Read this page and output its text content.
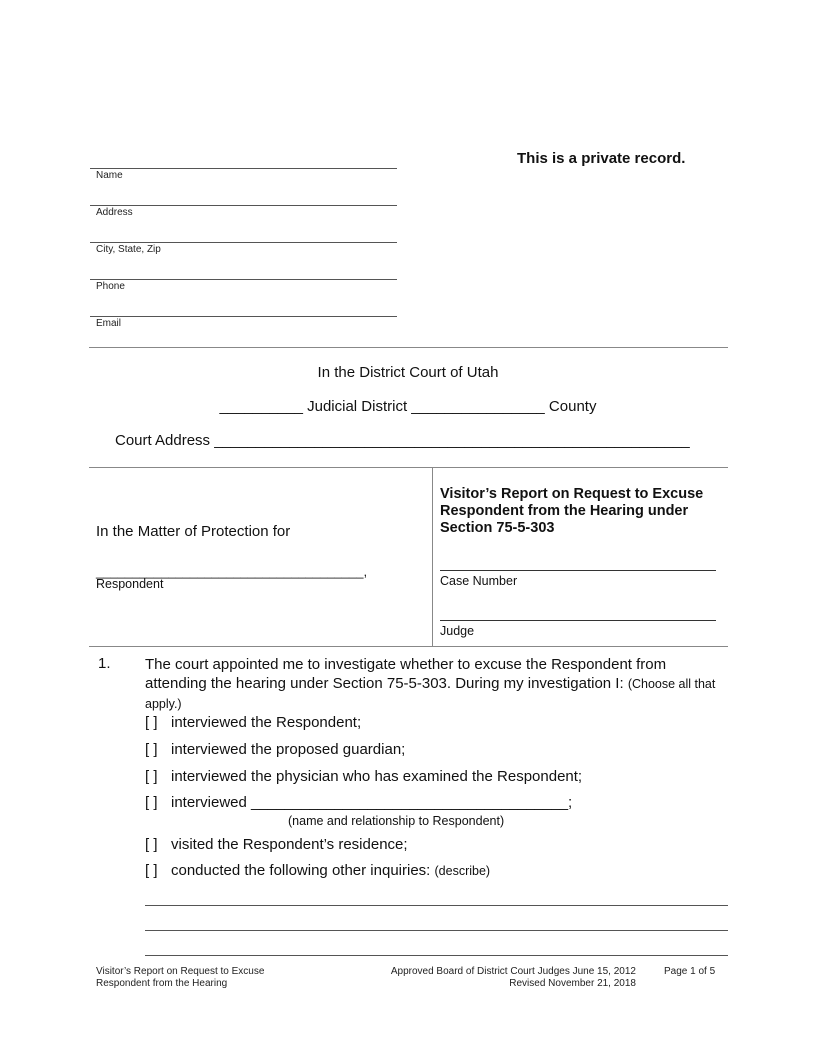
This is a private record.
Name
Address
City, State, Zip
Phone
Email
In the District Court of Utah
__________ Judicial District ________________ County
Court Address _________________________________________________________
In the Matter of Protection for
_____________________________________,
Respondent
Visitor’s Report on Request to Excuse Respondent from the Hearing under Section 75-5-303
Case Number
Judge
1. The court appointed me to investigate whether to excuse the Respondent from attending the hearing under Section 75-5-303. During my investigation I: (Choose all that apply.)
[ ] interviewed the Respondent;
[ ] interviewed the proposed guardian;
[ ] interviewed the physician who has examined the Respondent;
[ ] interviewed ______________________________________;
(name and relationship to Respondent)
[ ] visited the Respondent’s residence;
[ ] conducted the following other inquiries: (describe)
Visitor’s Report on Request to Excuse
Respondent from the Hearing
Approved Board of District Court Judges June 15, 2012
Revised November 21, 2018
Page 1 of 5
